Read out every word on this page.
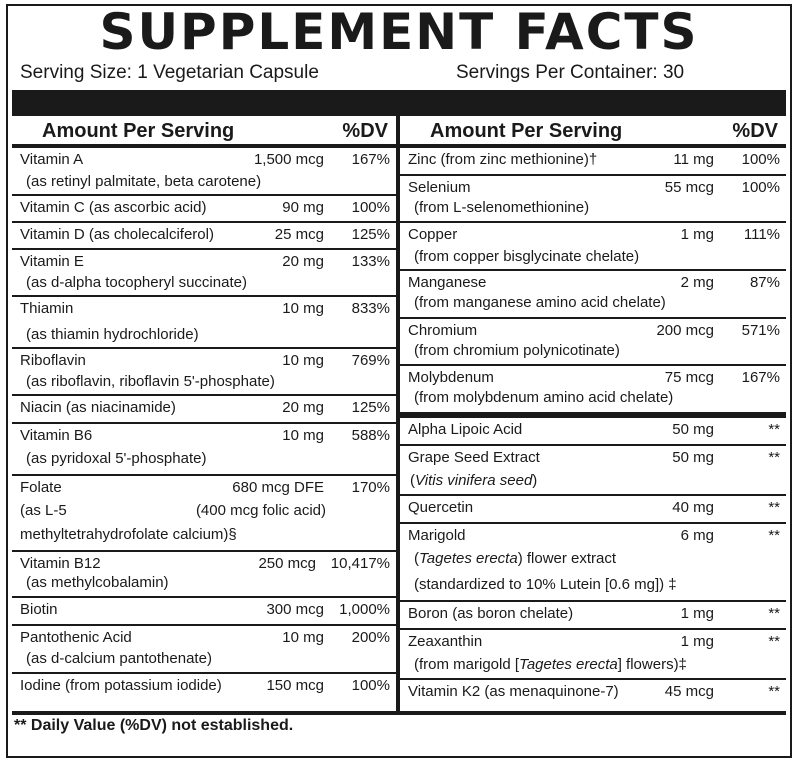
SUPPLEMENT FACTS
Serving Size: 1 Vegetarian Capsule	Servings Per Container: 30
Amount Per Serving	%DV
Vitamin A	1,500 mcg 167%
(as retinyl palmitate, beta carotene)
Vitamin C (as ascorbic acid)	90 mg 100%
Vitamin D (as cholecalciferol)	25 mcg 125%
Vitamin E	20 mg 133%
(as d-alpha tocopheryl succinate)
Thiamin	10 mg 833%
(as thiamin hydrochloride)
Riboflavin	10 mg 769%
(as riboflavin, riboflavin 5'-phosphate)
Niacin (as niacinamide)	20 mg 125%
Vitamin B6	10 mg 588%
(as pyridoxal 5'-phosphate)
Folate	680 mcg DFE 170%
(as L-5	(400 mcg folic acid)
methyltetrahydrofolate calcium)§
Vitamin B12	250 mcg 10,417%
(as methylcobalamin)
Biotin	300 mcg 1,000%
Pantothenic Acid	10 mg 200%
(as d-calcium pantothenate)
Iodine (from potassium iodide)	150 mcg 100%
Amount Per Serving	%DV
Zinc (from zinc methionine)†	11 mg 100%
Selenium	55 mcg 100%
(from L-selenomethionine)
Copper	1 mg 111%
(from copper bisglycinate chelate)
Manganese	2 mg 87%
(from manganese amino acid chelate)
Chromium	200 mcg 571%
(from chromium polynicotinate)
Molybdenum	75 mcg 167%
(from molybdenum amino acid chelate)
Alpha Lipoic Acid	50 mg	**
Grape Seed Extract	50 mg	**
(Vitis vinifera seed)
Quercetin	40 mg	**
Marigold	6 mg	**
(Tagetes erecta) flower extract
(standardized to 10% Lutein [0.6 mg]) ‡
Boron (as boron chelate)	1 mg	**
Zeaxanthin	1 mg	**
(from marigold [Tagetes erecta] flowers)‡
Vitamin K2 (as menaquinone-7)	45 mcg	**
** Daily Value (%DV) not established.
